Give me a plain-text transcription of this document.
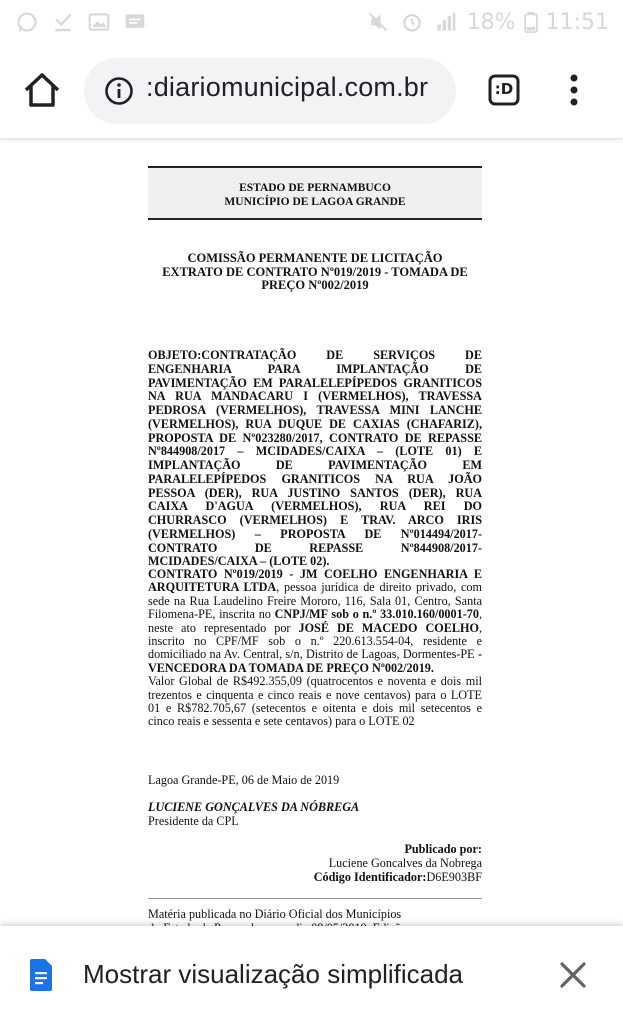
18% 11:51
:diariomunicipal.com.br	:D
ESTADO DE PERNAMBUCO
MUNICÍPIO DE LAGOA GRANDE
COMISSÃO PERMANENTE DE LICITAÇÃO
EXTRATO DE CONTRATO Nº019/2019 - TOMADA DE PREÇO Nº002/2019
OBJETO:CONTRATAÇÃO DE SERVIÇOS DE ENGENHARIA PARA IMPLANTAÇÃO DE PAVIMENTAÇÃO EM PARALELEPÍPEDOS GRANITICOS NA RUA MANDACARU I (VERMELHOS), TRAVESSA PEDROSA (VERMELHOS), TRAVESSA MINI LANCHE (VERMELHOS), RUA DUQUE DE CAXIAS (CHAFARIZ), PROPOSTA DE Nº023280/2017, CONTRATO DE REPASSE Nº844908/2017 – MCIDADES/CAIXA – (LOTE 01) E IMPLANTAÇÃO DE PAVIMENTAÇÃO EM PARALELEPÍPEDOS GRANITICOS NA RUA JOÃO PESSOA (DER), RUA JUSTINO SANTOS (DER), RUA CAIXA D'AGUA (VERMELHOS), RUA REI DO CHURRASCO (VERMELHOS) E TRAV. ARCO IRIS (VERMELHOS) – PROPOSTA DE Nº014494/2017-CONTRATO DE REPASSE Nº844908/2017-MCIDADES/CAIXA – (LOTE 02).
CONTRATO Nº019/2019 - JM COELHO ENGENHARIA E ARQUITETURA LTDA, pessoa jurídica de direito privado, com sede na Rua Laudelino Freire Mororo, 116, Sala 01, Centro, Santa Filomena-PE, inscrita no CNPJ/MF sob o n.º 33.010.160/0001-70, neste ato representado por JOSÉ DE MACEDO COELHO, inscrito no CPF/MF sob o n.º 220.613.554-04, residente e domiciliado na Av. Central, s/n, Distrito de Lagoas, Dormentes-PE - VENCEDORA DA TOMADA DE PREÇO Nº002/2019.
Valor Global de R$492.355,09 (quatrocentos e noventa e dois mil trezentos e cinquenta e cinco reais e nove centavos) para o LOTE 01 e R$782.705,67 (setecentos e oitenta e dois mil setecentos e cinco reais e sessenta e sete centavos) para o LOTE 02
Lagoa Grande-PE, 06 de Maio de 2019
LUCIENE GONÇALVES DA NÓBREGA
Presidente da CPL
Publicado por:
Luciene Goncalves da Nobrega
Código Identificador:D6E903BF
Matéria publicada no Diário Oficial dos Municípios
Mostrar visualização simplificada
